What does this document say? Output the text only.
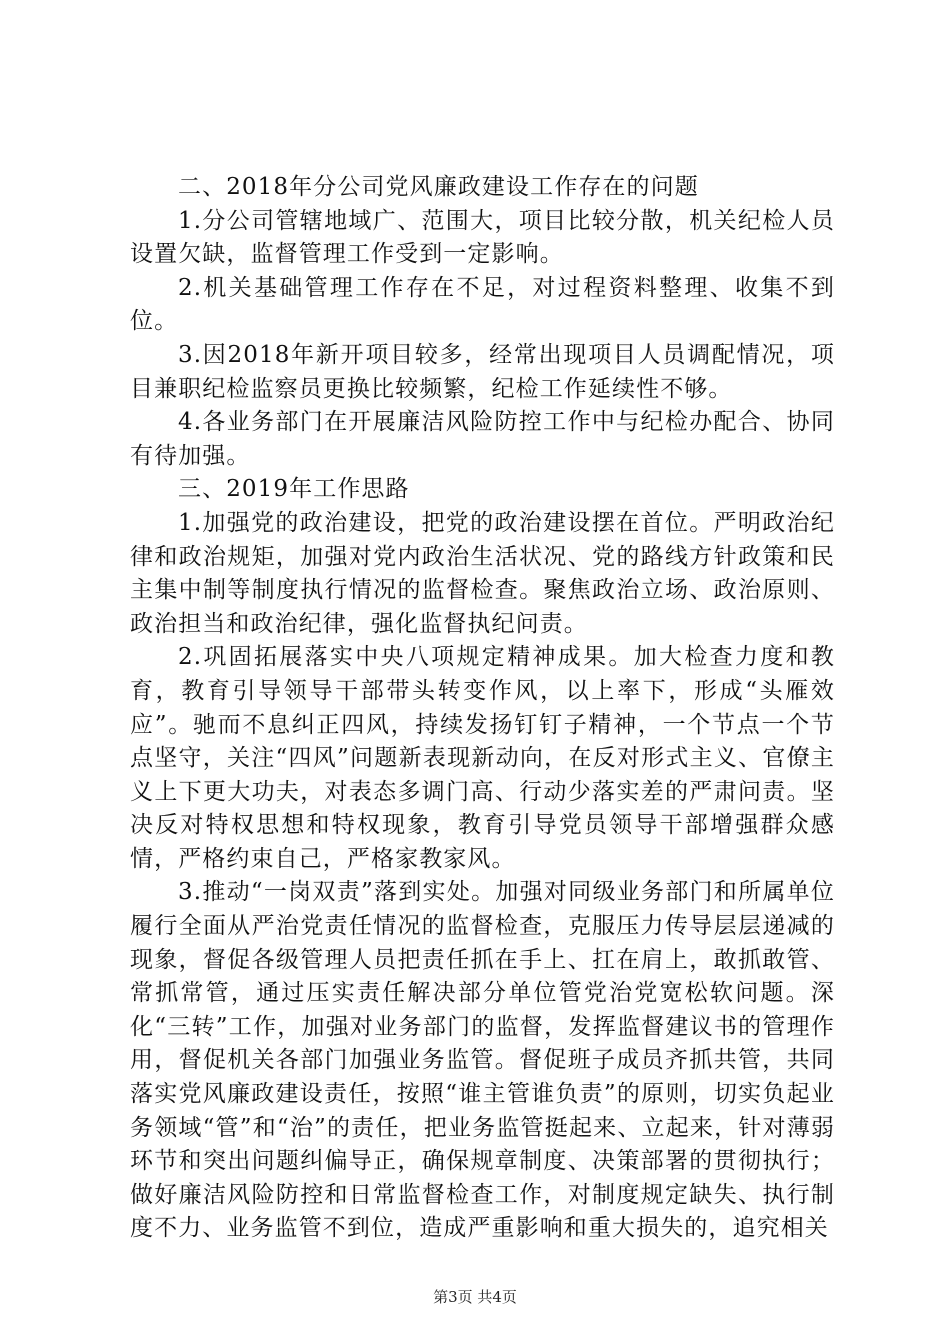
二、2018年分公司党风廉政建设工作存在的问题

1.分公司管辖地域广、范围大，项目比较分散，机关纪检人员设置欠缺，监督管理工作受到一定影响。

2.机关基础管理工作存在不足，对过程资料整理、收集不到位。

3.因2018年新开项目较多，经常出现项目人员调配情况，项目兼职纪检监察员更换比较频繁，纪检工作延续性不够。

4.各业务部门在开展廉洁风险防控工作中与纪检办配合、协同有待加强。

三、2019年工作思路

1.加强党的政治建设，把党的政治建设摆在首位。严明政治纪律和政治规矩，加强对党内政治生活状况、党的路线方针政策和民主集中制等制度执行情况的监督检查。聚焦政治立场、政治原则、政治担当和政治纪律，强化监督执纪问责。

2.巩固拓展落实中央八项规定精神成果。加大检查力度和教育，教育引导领导干部带头转变作风，以上率下，形成“头雁效应”。驰而不息纠正四风，持续发扬钉钉子精神，一个节点一个节点坚守，关注“四风”问题新表现新动向，在反对形式主义、官僚主义上下更大功夫，对表态多调门高、行动少落实差的严肃问责。坚决反对特权思想和特权现象，教育引导党员领导干部增强群众感情，严格约束自己，严格家教家风。

3.推动“一岗双责”落到实处。加强对同级业务部门和所属单位履行全面从严治党责任情况的监督检查，克服压力传导层层递减的现象，督促各级管理人员把责任抓在手上、扛在肩上，敢抓敢管、常抓常管，通过压实责任解决部分单位管党治党宽松软问题。深化“三转”工作，加强对业务部门的监督，发挥监督建议书的管理作用，督促机关各部门加强业务监管。督促班子成员齐抓共管，共同落实党风廉政建设责任，按照“谁主管谁负责”的原则，切实负起业务领域“管”和“治”的责任，把业务监管挺起来、立起来，针对薄弱环节和突出问题纠偏导正，确保规章制度、决策部署的贯彻执行；做好廉洁风险防控和日常监督检查工作，对制度规定缺失、执行制度不力、业务监管不到位，造成严重影响和重大损失的，追究相关

第3页 共4页
